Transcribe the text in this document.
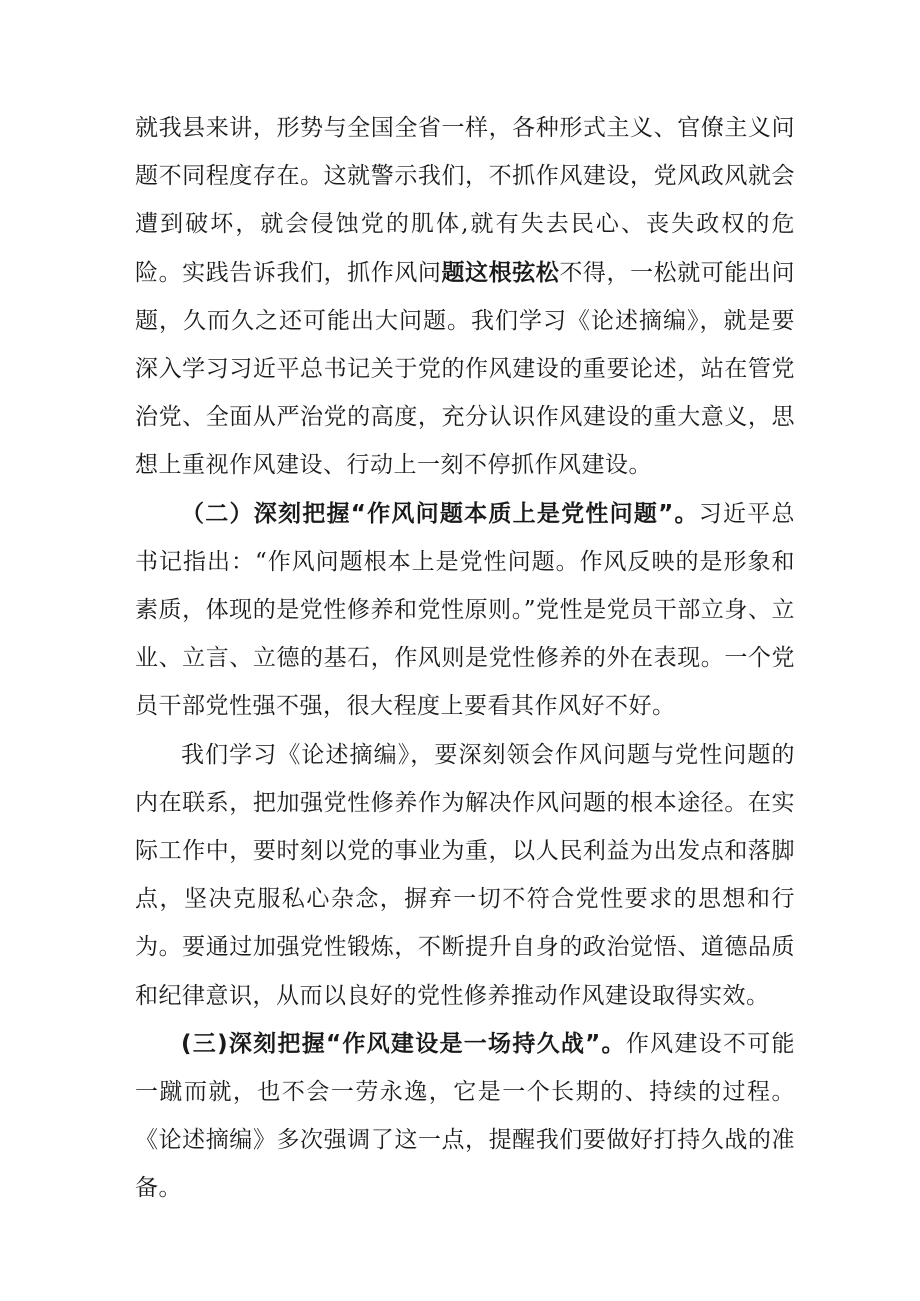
就我县来讲，形势与全国全省一样，各种形式主义、官僚主义问题不同程度存在。这就警示我们，不抓作风建设，党风政风就会遭到破坏，就会侵蚀党的肌体,就有失去民心、丧失政权的危险。实践告诉我们，抓作风问题这根弦松不得，一松就可能出问题，久而久之还可能出大问题。我们学习《论述摘编》，就是要深入学习习近平总书记关于党的作风建设的重要论述，站在管党治党、全面从严治党的高度，充分认识作风建设的重大意义，思想上重视作风建设、行动上一刻不停抓作风建设。

（二）深刻把握“作风问题本质上是党性问题”。习近平总书记指出：“作风问题根本上是党性问题。作风反映的是形象和素质，体现的是党性修养和党性原则。”党性是党员干部立身、立业、立言、立德的基石，作风则是党性修养的外在表现。一个党员干部党性强不强，很大程度上要看其作风好不好。

我们学习《论述摘编》，要深刻领会作风问题与党性问题的内在联系，把加强党性修养作为解决作风问题的根本途径。在实际工作中，要时刻以党的事业为重，以人民利益为出发点和落脚点，坚决克服私心杂念，摒弃一切不符合党性要求的思想和行为。要通过加强党性锻炼，不断提升自身的政治觉悟、道德品质和纪律意识，从而以良好的党性修养推动作风建设取得实效。

(三)深刻把握“作风建设是一场持久战”。作风建设不可能一蹴而就，也不会一劳永逸，它是一个长期的、持续的过程。《论述摘编》多次强调了这一点，提醒我们要做好打持久战的准备。
